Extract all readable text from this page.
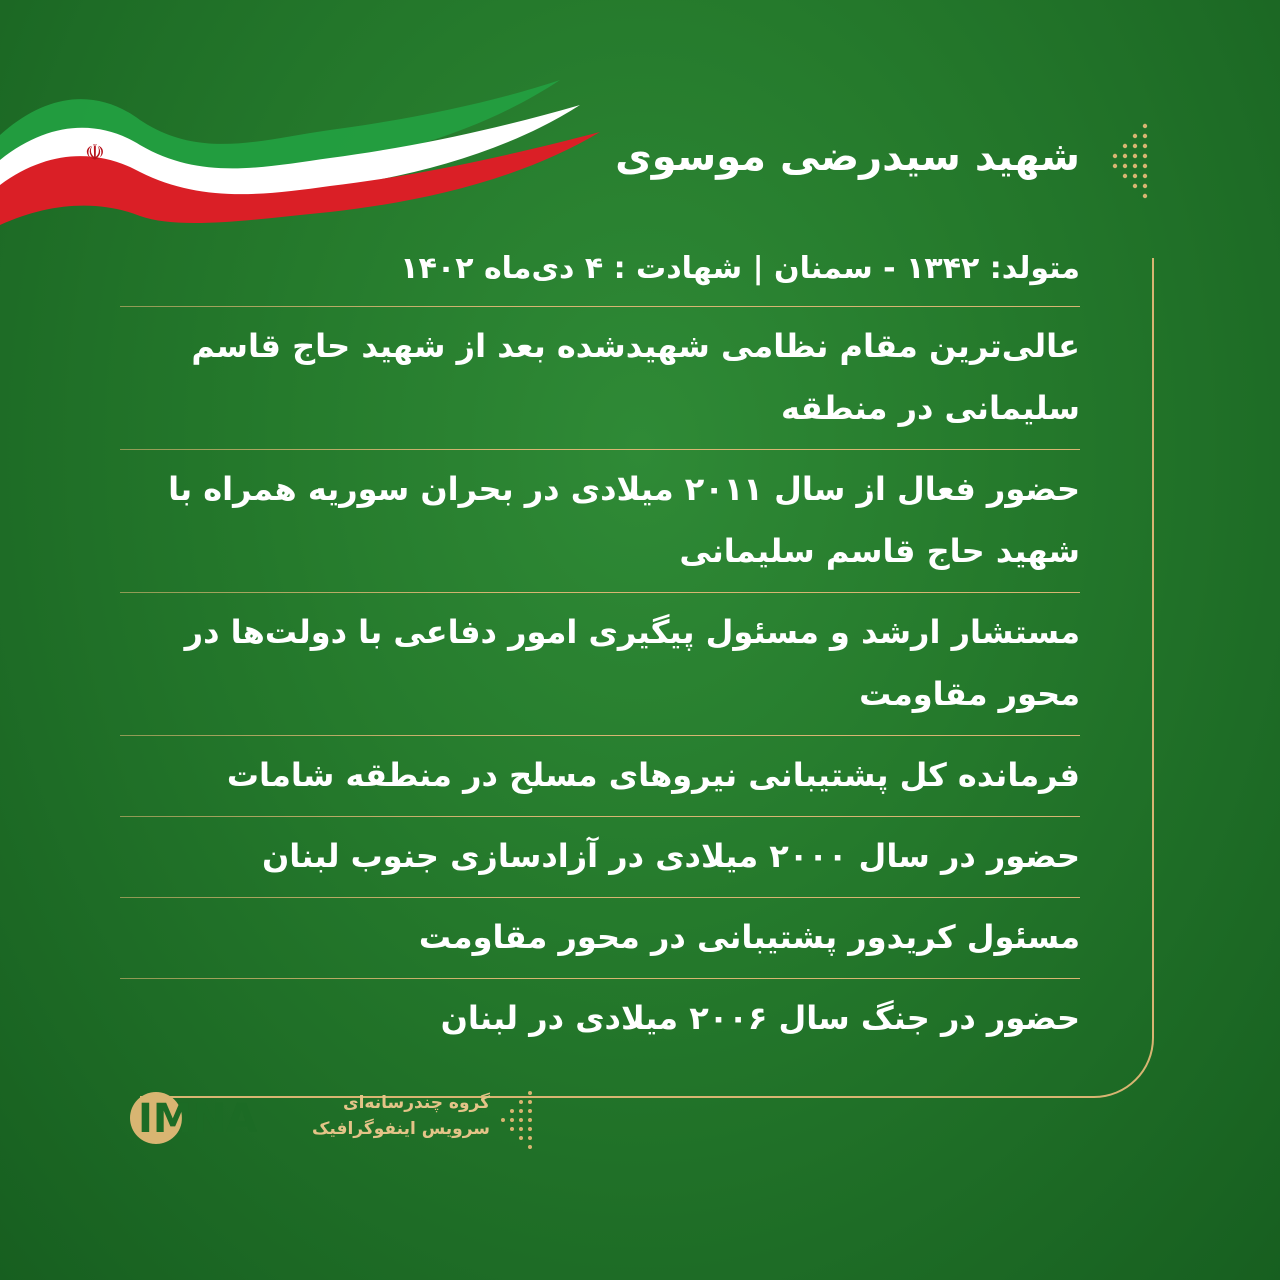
☫	شهید سیدرضی موسوی
متولد: ۱۳۴۲ - سمنان | شهادت : ۴ دی‌ماه ۱۴۰۲
عالی‌ترین مقام نظامی شهیدشده بعد از شهید حاج قاسم سلیمانی در منطقه
حضور فعال از سال ۲۰۱۱ میلادی در بحران سوریه همراه با شهید حاج قاسم سلیمانی
مستشار ارشد و مسئول پیگیری امور دفاعی با دولت‌ها در محور مقاومت
فرمانده کل پشتیبانی نیروهای مسلح در منطقه شامات
حضور در سال ۲۰۰۰ میلادی در آزادسازی جنوب لبنان
مسئول کریدور پشتیبانی در محور مقاومت
حضور در جنگ سال ۲۰۰۶ میلادی در لبنان
IMNA	گروه چندرسانه‌ای
سرویس اینفوگرافیک
